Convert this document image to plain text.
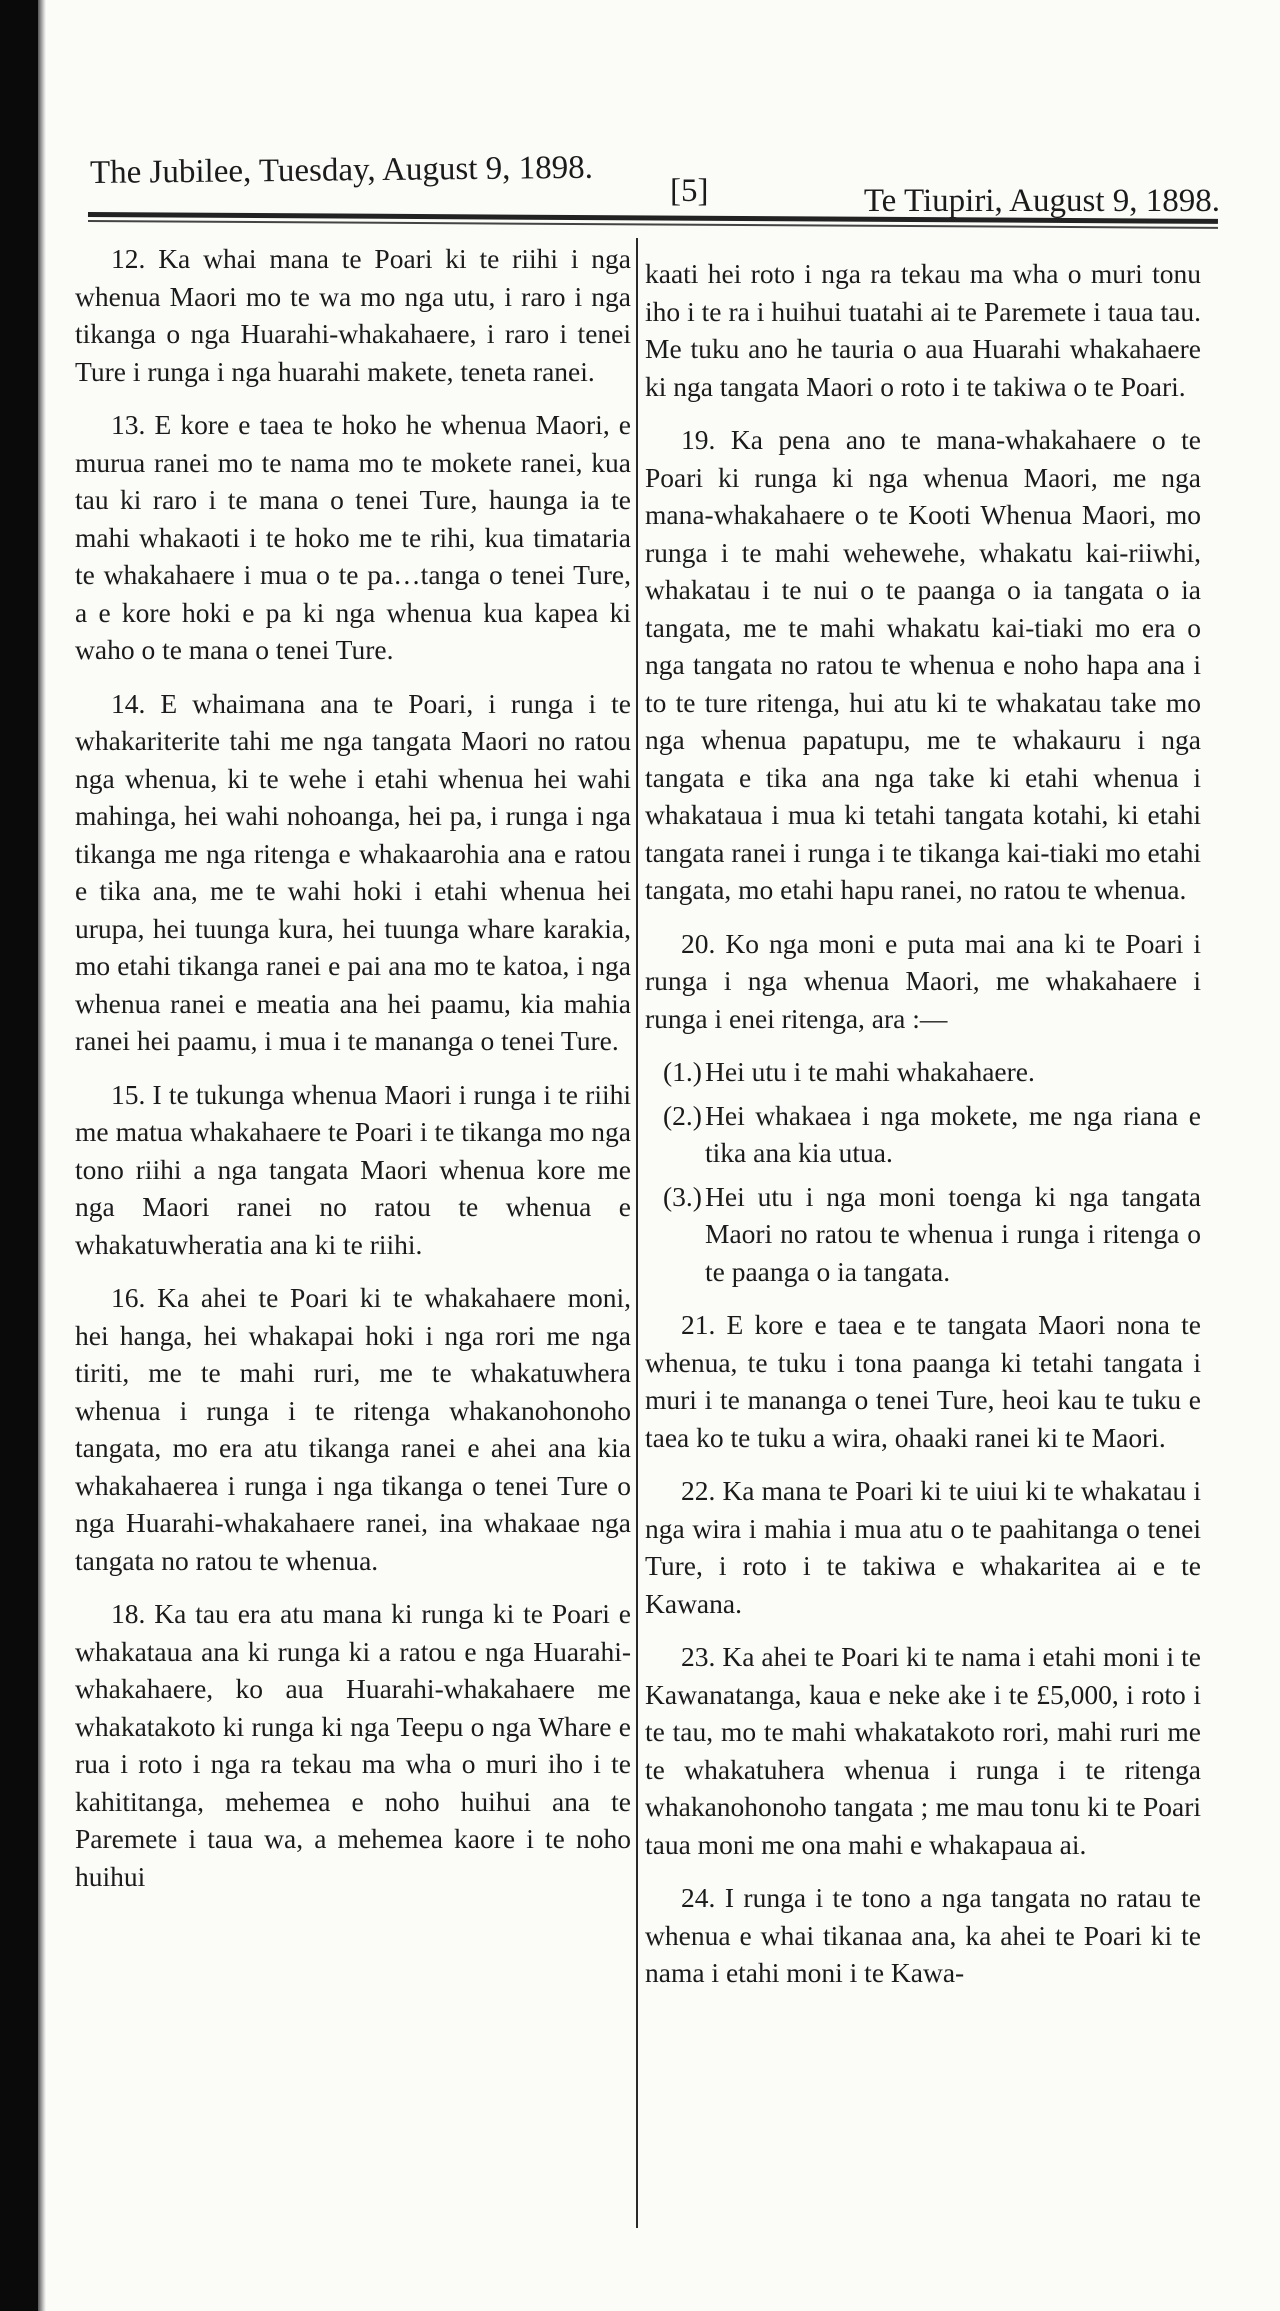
The Jubilee, Tuesday, August 9, 1898.
[5]	Te Tiupiri, August 9, 1898.

12. Ka whai mana te Poari ki te riihi i nga whenua Maori mo te wa mo nga utu, i raro i nga tikanga o nga Huarahi-whakahaere, i raro i tenei Ture i runga i nga huarahi makete, teneta ranei.

13. E kore e taea te hoko he whenua Maori, e murua ranei mo te nama mo te mokete ranei, kua tau ki raro i te mana o tenei Ture, haunga ia te mahi whakaoti i te hoko me te rihi, kua timataria te whakahaere i mua o te pa…tanga o tenei Ture, a e kore hoki e pa ki nga whenua kua kapea ki waho o te mana o tenei Ture.

14. E whaimana ana te Poari, i runga i te whakariterite tahi me nga tangata Maori no ratou nga whenua, ki te wehe i etahi whenua hei wahi mahinga, hei wahi nohoanga, hei pa, i runga i nga tikanga me nga ritenga e whakaarohia ana e ratou e tika ana, me te wahi hoki i etahi whenua hei urupa, hei tuunga kura, hei tuunga whare karakia, mo etahi tikanga ranei e pai ana mo te katoa, i nga whenua ranei e meatia ana hei paamu, kia mahia ranei hei paamu, i mua i te mananga o tenei Ture.

15. I te tukunga whenua Maori i runga i te riihi me matua whakahaere te Poari i te tikanga mo nga tono riihi a nga tangata Maori whenua kore me nga Maori ranei no ratou te whenua e whakatuwheratia ana ki te riihi.

16. Ka ahei te Poari ki te whakahaere moni, hei hanga, hei whakapai hoki i nga rori me nga tiriti, me te mahi ruri, me te whakatuwhera whenua i runga i te ritenga whakanohonoho tangata, mo era atu tikanga ranei e ahei ana kia whakahaerea i runga i nga tikanga o tenei Ture o nga Huarahi-whakahaere ranei, ina whakaae nga tangata no ratou te whenua.

18. Ka tau era atu mana ki runga ki te Poari e whakataua ana ki runga ki a ratou e nga Huarahi-whakahaere, ko aua Huarahi-whakahaere me whakatakoto ki runga ki nga Teepu o nga Whare e rua i roto i nga ra tekau ma wha o muri iho i te kahititanga, mehemea e noho huihui ana te Paremete i taua wa, a mehemea kaore i te noho huihui

kaati hei roto i nga ra tekau ma wha o muri tonu iho i te ra i huihui tuatahi ai te Paremete i taua tau. Me tuku ano he tauria o aua Huarahi whakahaere ki nga tangata Maori o roto i te takiwa o te Poari.

19. Ka pena ano te mana-whakahaere o te Poari ki runga ki nga whenua Maori, me nga mana-whakahaere o te Kooti Whenua Maori, mo runga i te mahi wehewehe, whakatu kai-riiwhi, whakatau i te nui o te paanga o ia tangata o ia tangata, me te mahi whakatu kai-tiaki mo era o nga tangata no ratou te whenua e noho hapa ana i to te ture ritenga, hui atu ki te whakatau take mo nga whenua papatupu, me te whakauru i nga tangata e tika ana nga take ki etahi whenua i whakataua i mua ki tetahi tangata kotahi, ki etahi tangata ranei i runga i te tikanga kai-tiaki mo etahi tangata, mo etahi hapu ranei, no ratou te whenua.

20. Ko nga moni e puta mai ana ki te Poari i runga i nga whenua Maori, me whakahaere i runga i enei ritenga, ara :—

(1.) Hei utu i te mahi whakahaere.
(2.) Hei whakaea i nga mokete, me nga riana e tika ana kia utua.
(3.) Hei utu i nga moni toenga ki nga tangata Maori no ratou te whenua i runga i ritenga o te paanga o ia tangata.

21. E kore e taea e te tangata Maori nona te whenua, te tuku i tona paanga ki tetahi tangata i muri i te mananga o tenei Ture, heoi kau te tuku e taea ko te tuku a wira, ohaaki ranei ki te Maori.

22. Ka mana te Poari ki te uiui ki te whakatau i nga wira i mahia i mua atu o te paahitanga o tenei Ture, i roto i te takiwa e whakaritea ai e te Kawana.

23. Ka ahei te Poari ki te nama i etahi moni i te Kawanatanga, kaua e neke ake i te £5,000, i roto i te tau, mo te mahi whakatakoto rori, mahi ruri me te whakatuhera whenua i runga i te ritenga whakanohonoho tangata ; me mau tonu ki te Poari taua moni me ona mahi e whakapaua ai.

24. I runga i te tono a nga tangata no ratau te whenua e whai tikanaa ana, ka ahei te Poari ki te nama i etahi moni i te Kawa-
